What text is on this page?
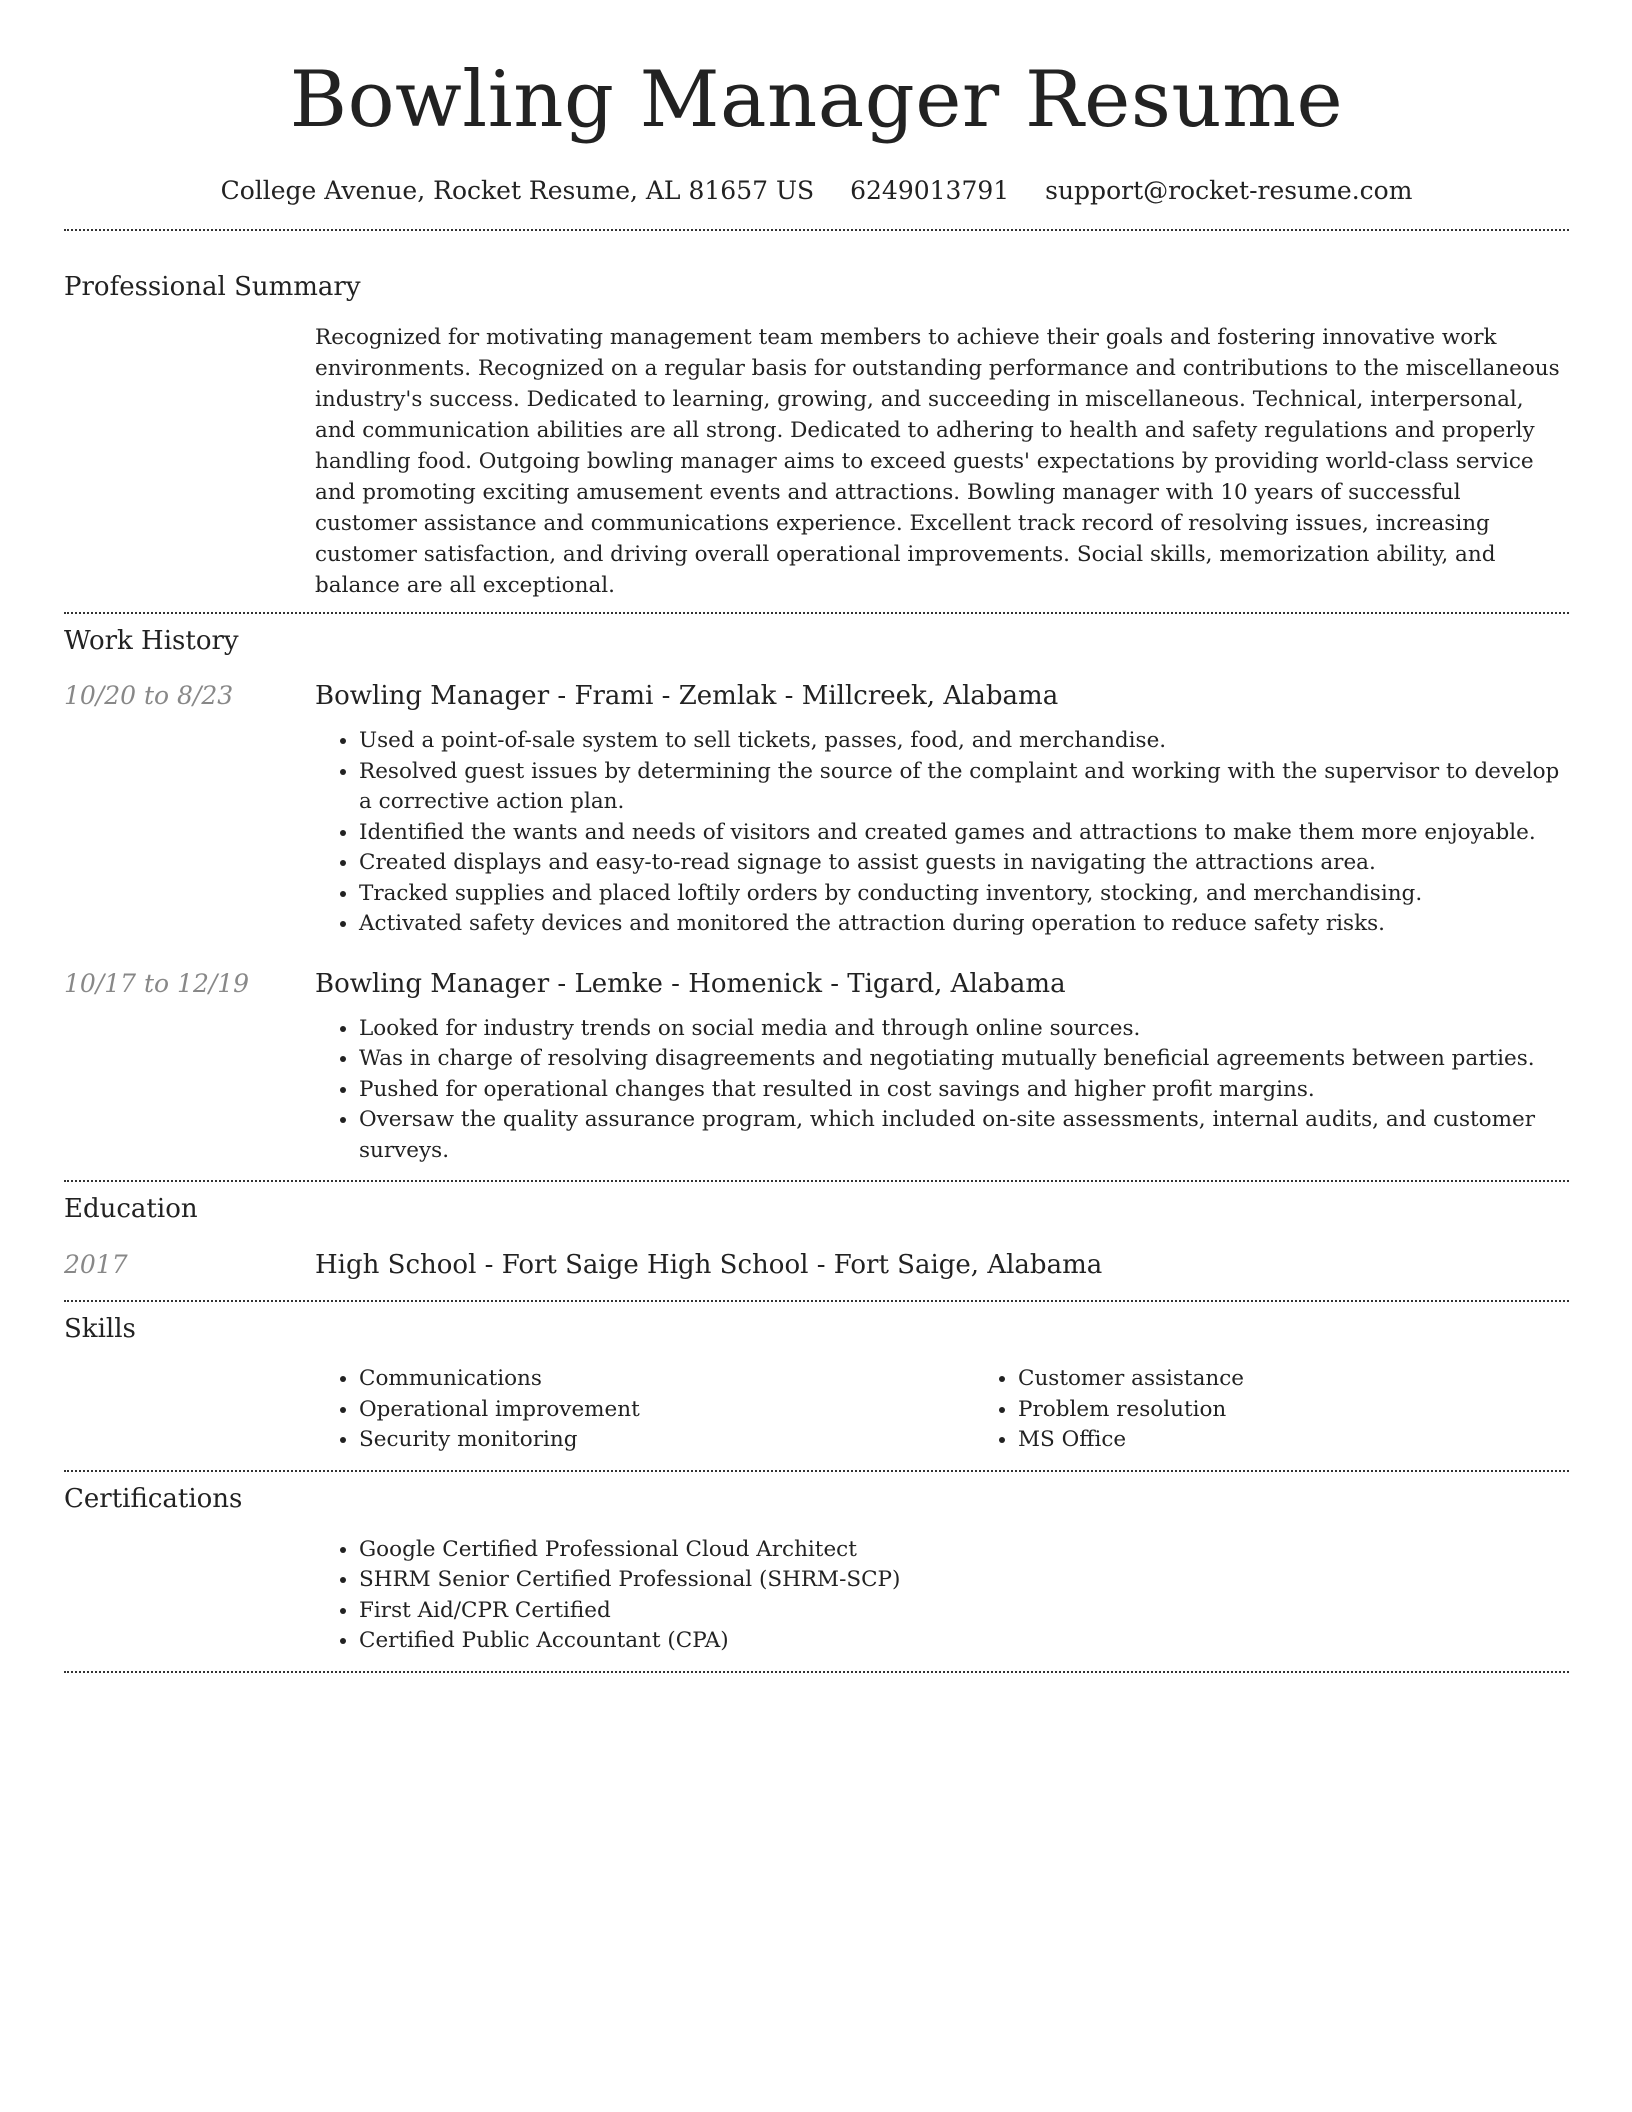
Bowling Manager Resume
College Avenue, Rocket Resume, AL 81657 US 6249013791 support@rocket-resume.com
Professional Summary

Recognized for motivating management team members to achieve their goals and fostering innovative work environments. Recognized on a regular basis for outstanding performance and contributions to the miscellaneous industry's success. Dedicated to learning, growing, and succeeding in miscellaneous. Technical, interpersonal, and communication abilities are all strong. Dedicated to adhering to health and safety regulations and properly handling food. Outgoing bowling manager aims to exceed guests' expectations by providing world-class service and promoting exciting amusement events and attractions. Bowling manager with 10 years of successful customer assistance and communications experience. Excellent track record of resolving issues, increasing customer satisfaction, and driving overall operational improvements. Social skills, memorization ability, and balance are all exceptional.

Work History
10/20 to 8/23	Bowling Manager - Frami - Zemlak - Millcreek, Alabama
• Used a point-of-sale system to sell tickets, passes, food, and merchandise.
• Resolved guest issues by determining the source of the complaint and working with the supervisor to develop a corrective action plan.
• Identified the wants and needs of visitors and created games and attractions to make them more enjoyable.
• Created displays and easy-to-read signage to assist guests in navigating the attractions area.
• Tracked supplies and placed loftily orders by conducting inventory, stocking, and merchandising.
• Activated safety devices and monitored the attraction during operation to reduce safety risks.
10/17 to 12/19	Bowling Manager - Lemke - Homenick - Tigard, Alabama
• Looked for industry trends on social media and through online sources.
• Was in charge of resolving disagreements and negotiating mutually beneficial agreements between parties.
• Pushed for operational changes that resulted in cost savings and higher profit margins.
• Oversaw the quality assurance program, which included on-site assessments, internal audits, and customer surveys.
Education
2017	High School - Fort Saige High School - Fort Saige, Alabama
Skills
• Communications
• Operational improvement
• Security monitoring
• Customer assistance
• Problem resolution
• MS Office
Certifications
• Google Certified Professional Cloud Architect
• SHRM Senior Certified Professional (SHRM-SCP)
• First Aid/CPR Certified
• Certified Public Accountant (CPA)
